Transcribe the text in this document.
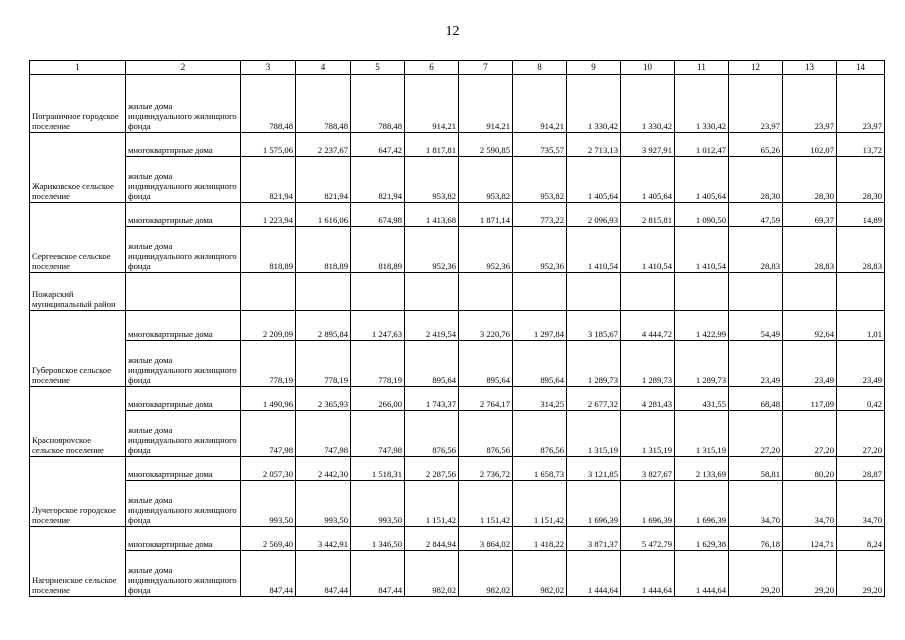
12
1	2	3	4	5	6	7	8	9	10	11	12	13	14
Пограничное городское поселение	жилые дома индивидуального жилищного фонда	788,48	788,48	788,48	914,21	914,21	914,21	1 330,42	1 330,42	1 330,42	23,97	23,97	23,97
Жариковское сельское поселение	многоквартирные дома	1 575,06	2 237,67	647,42	1 817,81	2 590,85	735,57	2 713,13	3 927,91	1 012,47	65,26	102,07	13,72
	жилые дома индивидуального жилищного фонда	821,94	821,94	821,94	953,82	953,82	953,82	1 405,64	1 405,64	1 405,64	28,30	28,30	28,30
Сергеевское сельское поселение	многоквартирные дома	1 223,94	1 616,06	674,98	1 413,68	1 871,14	773,22	2 096,93	2 815,81	1 090,50	47,59	69,37	14,89
	жилые дома индивидуального жилищного фонда	818,89	818,89	818,89	952,36	952,36	952,36	1 410,54	1 410,54	1 410,54	28,83	28,83	28,83
Пожарский муниципальный район													
Губеровское сельское поселение	многоквартирные дома	2 209,09	2 895,84	1 247,63	2 419,54	3 220,76	1 297,84	3 185,67	4 444,72	1 422,99	54,49	92,64	1,01
	жилые дома индивидуального жилищного фонда	778,19	778,19	778,19	895,64	895,64	895,64	1 289,73	1 289,73	1 289,73	23,49	23,49	23,49
Красноярovское сельское поселение	многоквартирные дома	1 490,96	2 365,93	266,00	1 743,37	2 764,17	314,25	2 677,32	4 281,43	431,55	68,48	117,09	0,42
	жилые дома индивидуального жилищного фонда	747,98	747,98	747,98	876,56	876,56	876,56	1 315,19	1 315,19	1 315,19	27,20	27,20	27,20
Лучегорское городское поселение	многоквартирные дома	2 057,30	2 442,30	1 518,31	2 287,56	2 736,72	1 658,73	3 121,85	3 827,67	2 133,69	58,81	80,20	28,87
	жилые дома индивидуального жилищного фонда	993,50	993,50	993,50	1 151,42	1 151,42	1 151,42	1 696,39	1 696,39	1 696,39	34,70	34,70	34,70
Нагорненское сельское поселение	многоквартирные дома	2 569,40	3 442,91	1 346,50	2 844,94	3 864,02	1 418,22	3 871,37	5 472,79	1 629,38	76,18	124,71	8,24
	жилые дома индивидуального жилищного фонда	847,44	847,44	847,44	982,02	982,02	982,02	1 444,64	1 444,64	1 444,64	29,20	29,20	29,20
